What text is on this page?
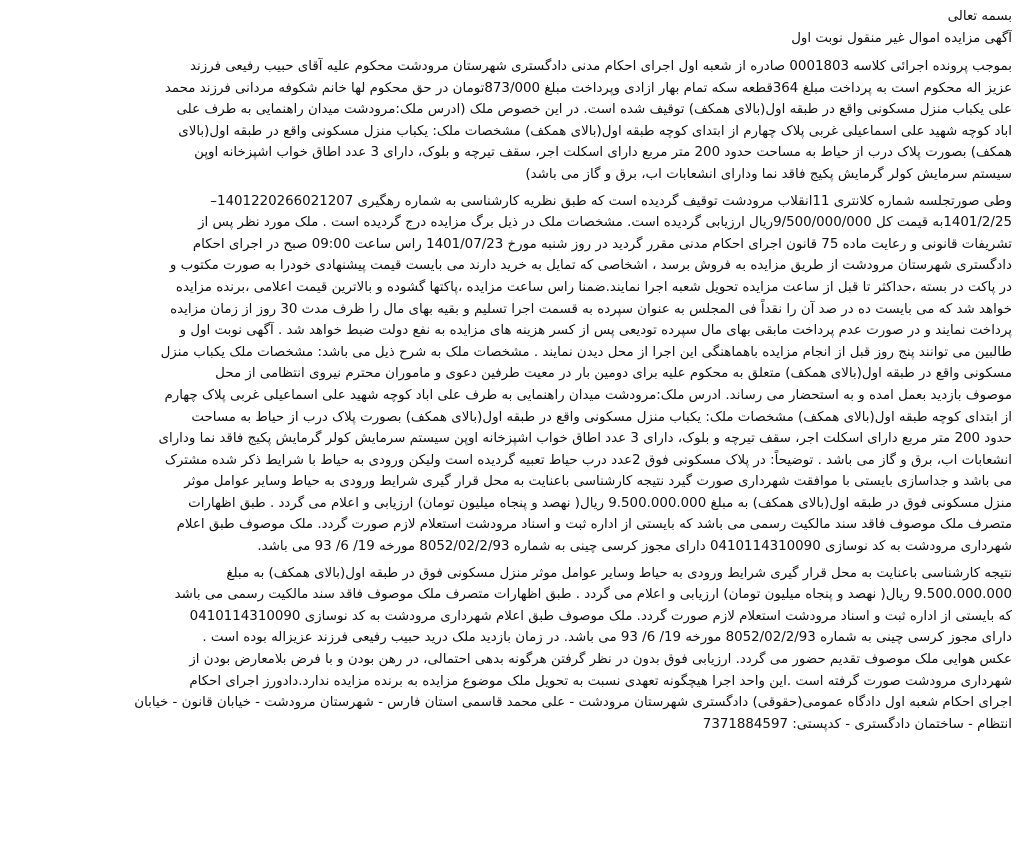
بسمه تعالی
آگهی مزایده اموال غیر منقول نوبت اول
بموجب پرونده اجرائی کلاسه 0001803 صادره از شعبه اول اجرای احکام مدنی دادگستری شهرستان مرودشت محکوم علیه آقای حبیب رفیعی فرزند
عزیز اله محکوم است به پرداخت مبلغ 364قطعه سکه تمام بهار ازادی وپرداخت مبلغ 873/000تومان در حق محکوم لها خانم شکوفه مردانی فرزند محمد
علی یکباب منزل مسکونی واقع در طبقه اول(بالای همکف) توقیف شده است. در این خصوص ملک (ادرس ملک:مرودشت میدان راهنمایی به طرف علی
اباد کوچه شهید علی اسماعیلی غربی پلاک چهارم از ابتدای کوچه طبقه اول(بالای همکف) مشخصات ملک: یکباب منزل مسکونی واقع در طبقه اول(بالای
همکف) بصورت پلاک درب از حیاط به مساحت حدود 200 متر مربع دارای اسکلت اجر، سقف تیرچه و بلوک، دارای 3 عدد اطاق خواب اشپزخانه اوپن
سیستم سرمایش کولر گرمایش پکیج فاقد نما ودارای انشعابات اب، برق و گاز می باشد)
وطی صورتجلسه شماره کلانتری 11انقلاب مرودشت توقیف گردیده است که طبق نظریه کارشناسی به شماره رهگیری 1401220266021207–
1401/2/25به قیمت کل 9/500/000/000ریال ارزیابی گردیده است. مشخصات ملک در ذیل برگ مزایده درج گردیده است . ملک مورد نظر پس از
تشریفات قانونی و رعایت ماده 75 قانون اجرای احکام مدنی مقرر گردید در روز شنبه مورخ 1401/07/23 راس ساعت 09:00 صبح در اجرای احکام
دادگستری شهرستان مرودشت از طریق مزایده به فروش برسد ، اشخاصی که تمایل به خرید دارند می بایست قیمت پیشنهادی خودرا به صورت مکتوب و
در پاکت در بسته ،حداکثر تا قبل از ساعت مزایده تحویل شعبه اجرا نمایند.ضمنا راس ساعت مزایده ،پاکتها گشوده و بالاترین قیمت اعلامی ،برنده مزایده
خواهد شد که می بایست ده در صد آن را نقداً فی المجلس به عنوان سپرده به قسمت اجرا تسلیم و بقیه بهای مال را ظرف مدت 30 روز از زمان مزایده
پرداخت نمایند و در صورت عدم پرداخت مابقی بهای مال سپرده تودیعی پس از کسر هزینه های مزایده به نفع دولت ضبط خواهد شد . آگهی نوبت اول و
طالبین می توانند پنج روز قبل از انجام مزایده باهماهنگی این اجرا از محل دیدن نمایند . مشخصات ملک به شرح ذیل می باشد: مشخصات ملک یکباب منزل
مسکونی واقع در طبقه اول(بالای همکف) متعلق به محکوم علیه برای دومین بار در معیت طرفین دعوی و ماموران محترم نیروی انتظامی از محل
موصوف بازدید بعمل امده و به استحضار می رساند. ادرس ملک:مرودشت میدان راهنمایی به طرف علی اباد کوچه شهید علی اسماعیلی غربی پلاک چهارم
از ابتدای کوچه طبقه اول(بالای همکف) مشخصات ملک: یکباب منزل مسکونی واقع در طبقه اول(بالای همکف) بصورت پلاک درب از حیاط به مساحت
حدود 200 متر مربع دارای اسکلت اجر، سقف تیرچه و بلوک، دارای 3 عدد اطاق خواب اشپزخانه اوپن سیستم سرمایش کولر گرمایش پکیج فاقد نما ودارای
انشعابات اب، برق و گاز می باشد . توضیحاً: در پلاک مسکونی فوق 2عدد درب حیاط تعبیه گردیده است ولیکن ورودی به حیاط با شرایط ذکر شده مشترک
می باشد و جداسازی بایستی با موافقت شهرداری صورت گیرد نتیجه کارشناسی باعنایت به محل قرار گیری شرایط ورودی به حیاط وسایر عوامل موثر
منزل مسکونی فوق در طبقه اول(بالای همکف) به مبلغ 9.500.000.000 ریال( نهصد و پنجاه میلیون تومان) ارزیابی و اعلام می گردد . طبق اظهارات
متصرف ملک موصوف فاقد سند مالکیت رسمی می باشد که بایستی از اداره ثبت و اسناد مرودشت استعلام لازم صورت گردد. ملک موصوف طبق اعلام
شهرداری مرودشت به کد نوسازی 0410114310090 دارای مجوز کرسی چینی به شماره 8052/02/2/93 مورخه 19/ 6/ 93 می باشد.
نتیجه کارشناسی باعنایت به محل قرار گیری شرایط ورودی به حیاط وسایر عوامل موثر منزل مسکونی فوق در طبقه اول(بالای همکف) به مبلغ
9.500.000.000 ریال( نهصد و پنجاه میلیون تومان) ارزیابی و اعلام می گردد . طبق اظهارات متصرف ملک موصوف فاقد سند مالکیت رسمی می باشد
که بایستی از اداره ثبت و اسناد مرودشت استعلام لازم صورت گردد. ملک موصوف طبق اعلام شهرداری مرودشت به کد نوسازی 0410114310090
دارای مجوز کرسی چینی به شماره 8052/02/2/93 مورخه 19/ 6/ 93 می باشد. در زمان بازدید ملک درید حبیب رفیعی فرزند عزیزاله بوده است .
عکس هوایی ملک موصوف تقدیم حضور می گردد. ارزیابی فوق بدون در نظر گرفتن هرگونه بدهی احتمالی، در رهن بودن و با فرض بلامعارض بودن از
شهرداری مرودشت صورت گرفته است .این واحد اجرا هیچگونه تعهدی نسبت به تحویل ملک موضوع مزایده به برنده مزایده ندارد.دادورز اجرای احکام
اجرای احکام شعبه اول دادگاه عمومی(حقوقی) دادگستری شهرستان مرودشت - علی محمد قاسمی استان فارس - شهرستان مرودشت - خیابان قانون - خیابان
انتظام - ساختمان دادگستری - کدپستی: 7371884597
